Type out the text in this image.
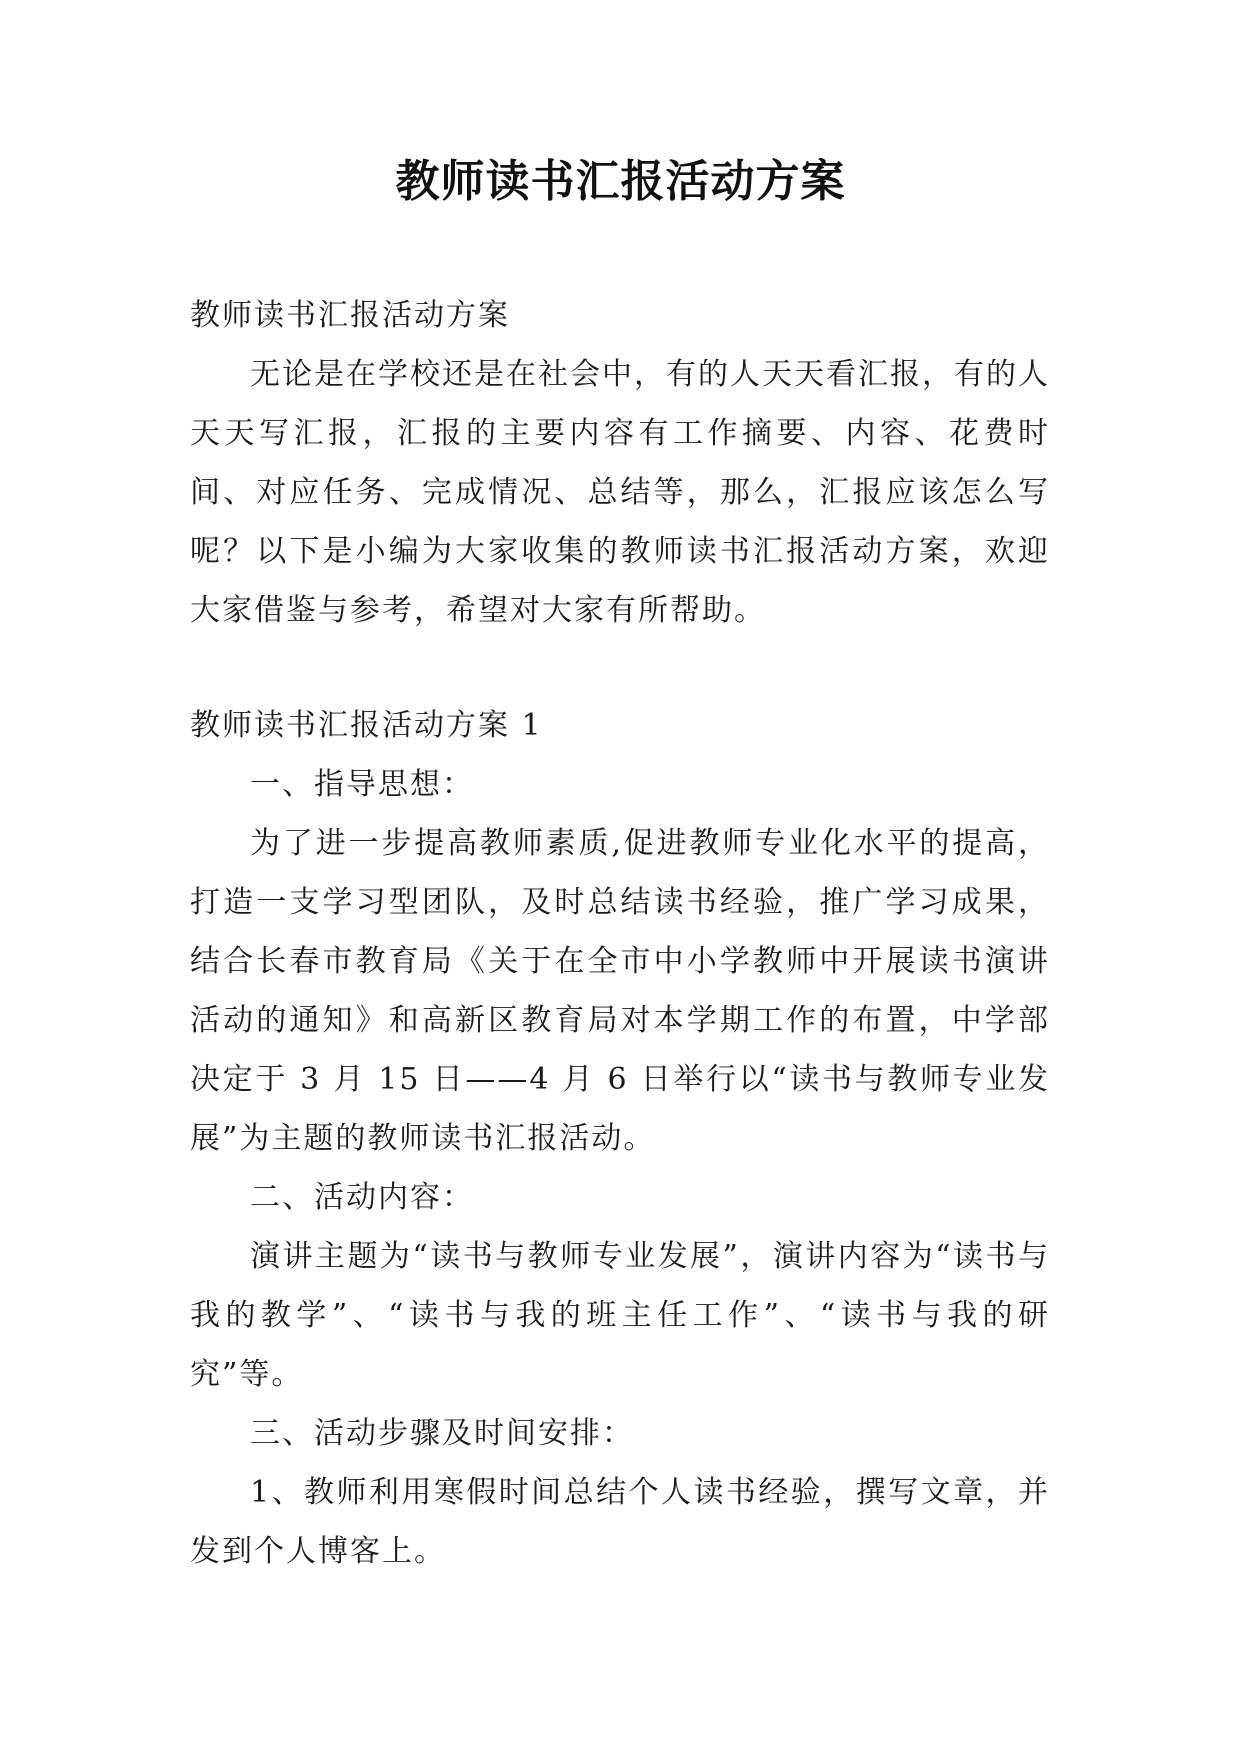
教师读书汇报活动方案

教师读书汇报活动方案

无论是在学校还是在社会中，有的人天天看汇报，有的人天天写汇报，汇报的主要内容有工作摘要、内容、花费时间、对应任务、完成情况、总结等，那么，汇报应该怎么写呢？以下是小编为大家收集的教师读书汇报活动方案，欢迎大家借鉴与参考，希望对大家有所帮助。

教师读书汇报活动方案 1

一、指导思想：

为了进一步提高教师素质,促进教师专业化水平的提高，打造一支学习型团队，及时总结读书经验，推广学习成果，结合长春市教育局《关于在全市中小学教师中开展读书演讲活动的通知》和高新区教育局对本学期工作的布置，中学部决定于 3 月 15 日——4 月 6 日举行以“读书与教师专业发展”为主题的教师读书汇报活动。

二、活动内容：

演讲主题为“读书与教师专业发展”，演讲内容为“读书与我的教学”、“读书与我的班主任工作”、“读书与我的研究”等。

三、活动步骤及时间安排：

1、教师利用寒假时间总结个人读书经验，撰写文章，并发到个人博客上。
